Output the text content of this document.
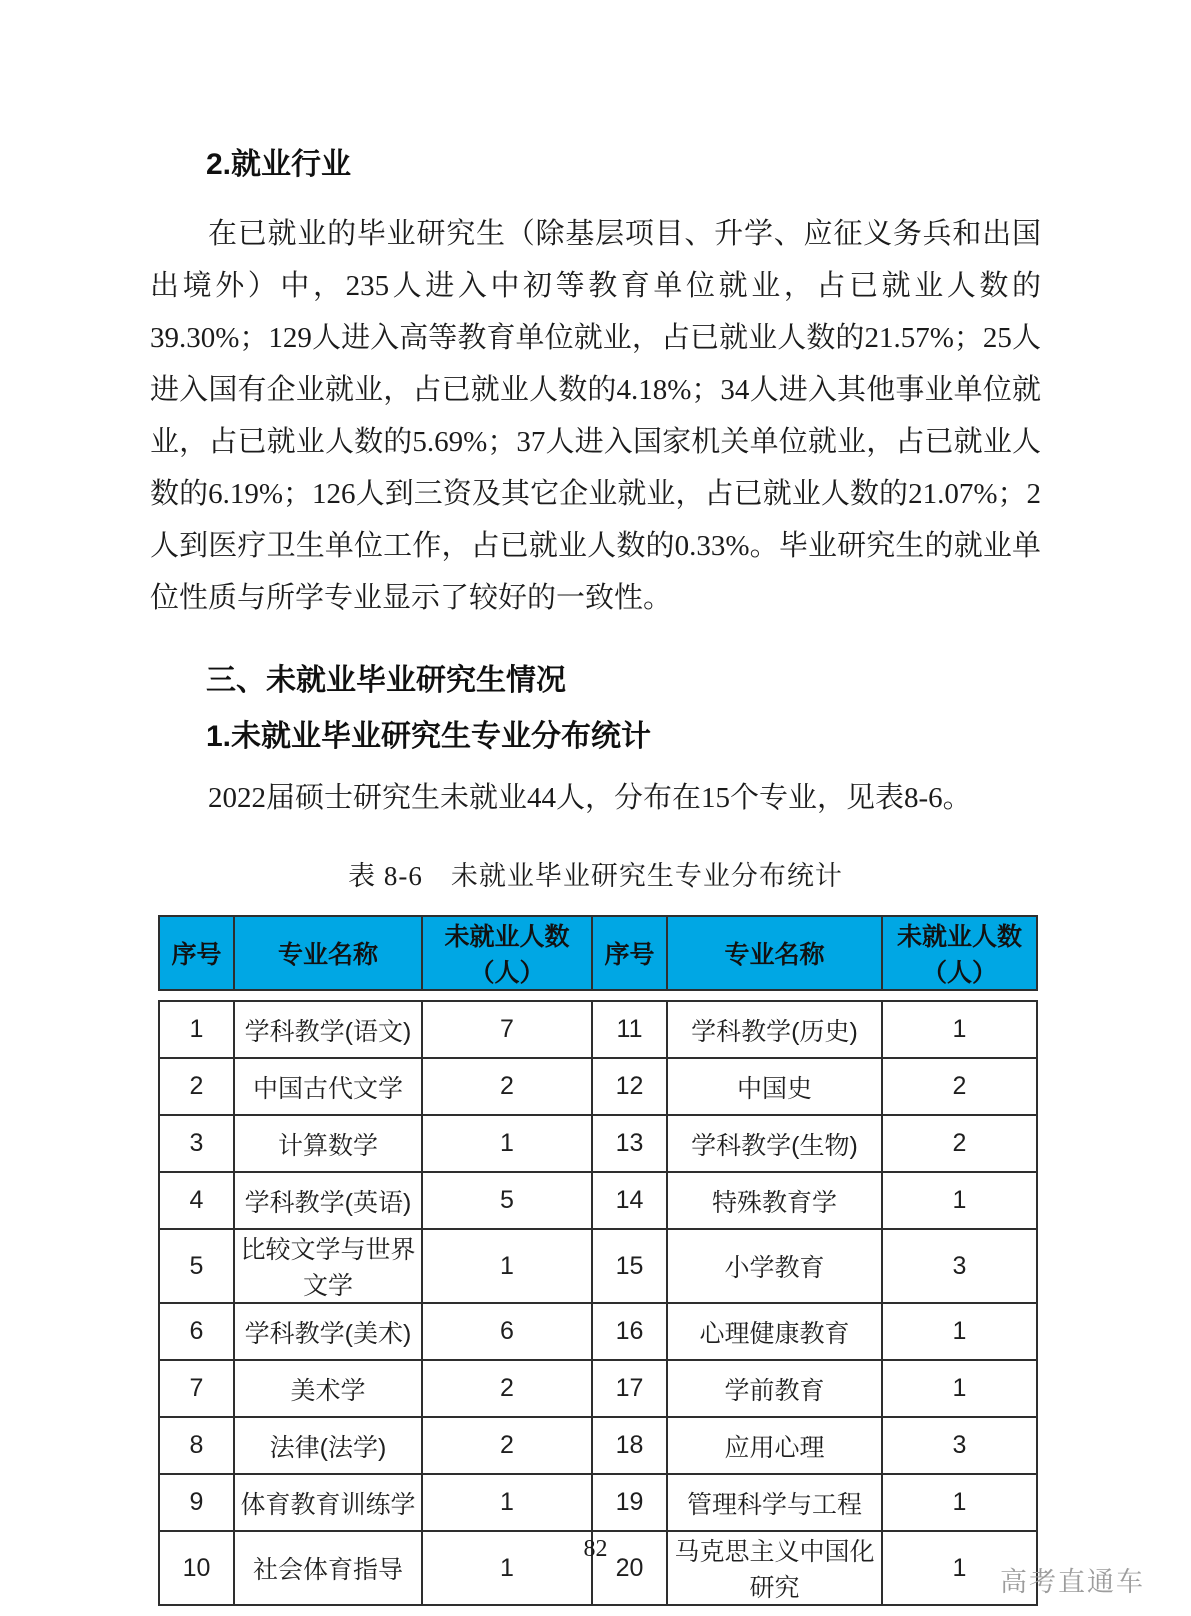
2.就业行业

在已就业的毕业研究生（除基层项目、升学、应征义务兵和出国出境外）中，235人进入中初等教育单位就业，占已就业人数的39.30%；129人进入高等教育单位就业，占已就业人数的21.57%；25人进入国有企业就业，占已就业人数的4.18%；34人进入其他事业单位就业，占已就业人数的5.69%；37人进入国家机关单位就业，占已就业人数的6.19%；126人到三资及其它企业就业，占已就业人数的21.07%；2人到医疗卫生单位工作，占已就业人数的0.33%。毕业研究生的就业单位性质与所学专业显示了较好的一致性。

三、未就业毕业研究生情况
1.未就业毕业研究生专业分布统计

2022届硕士研究生未就业44人，分布在15个专业，见表8-6。

表 8-6　未就业毕业研究生专业分布统计
序号	专业名称	未就业人数（人）	序号	专业名称	未就业人数（人）

1	学科教学(语文)	7	11	学科教学(历史)	1
2	中国古代文学	2	12	中国史	2
3	计算数学	1	13	学科教学(生物)	2
4	学科教学(英语)	5	14	特殊教育学	1
5	比较文学与世界文学	1	15	小学教育	3
6	学科教学(美术)	6	16	心理健康教育	1
7	美术学	2	17	学前教育	1
8	法律(法学)	2	18	应用心理	3
9	体育教育训练学	1	19	管理科学与工程	1
10	社会体育指导	1	20	马克思主义中国化研究	1
82
高考直通车
